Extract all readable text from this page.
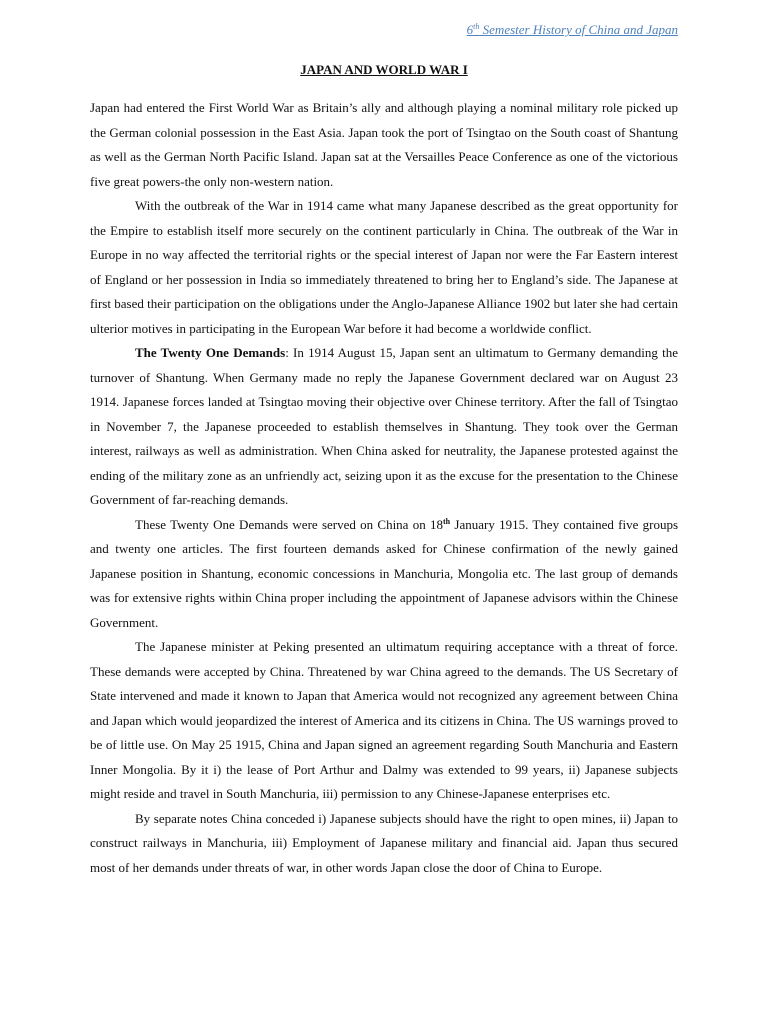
6th Semester History of China and Japan
JAPAN AND WORLD WAR I

Japan had entered the First World War as Britain’s ally and although playing a nominal military role picked up the German colonial possession in the East Asia. Japan took the port of Tsingtao on the South coast of Shantung as well as the German North Pacific Island. Japan sat at the Versailles Peace Conference as one of the victorious five great powers-the only non-western nation.

With the outbreak of the War in 1914 came what many Japanese described as the great opportunity for the Empire to establish itself more securely on the continent particularly in China. The outbreak of the War in Europe in no way affected the territorial rights or the special interest of Japan nor were the Far Eastern interest of England or her possession in India so immediately threatened to bring her to England’s side. The Japanese at first based their participation on the obligations under the Anglo-Japanese Alliance 1902 but later she had certain ulterior motives in participating in the European War before it had become a worldwide conflict.

The Twenty One Demands: In 1914 August 15, Japan sent an ultimatum to Germany demanding the turnover of Shantung. When Germany made no reply the Japanese Government declared war on August 23 1914. Japanese forces landed at Tsingtao moving their objective over Chinese territory. After the fall of Tsingtao in November 7, the Japanese proceeded to establish themselves in Shantung. They took over the German interest, railways as well as administration. When China asked for neutrality, the Japanese protested against the ending of the military zone as an unfriendly act, seizing upon it as the excuse for the presentation to the Chinese Government of far-reaching demands.

These Twenty One Demands were served on China on 18th January 1915. They contained five groups and twenty one articles. The first fourteen demands asked for Chinese confirmation of the newly gained Japanese position in Shantung, economic concessions in Manchuria, Mongolia etc. The last group of demands was for extensive rights within China proper including the appointment of Japanese advisors within the Chinese Government.

The Japanese minister at Peking presented an ultimatum requiring acceptance with a threat of force. These demands were accepted by China. Threatened by war China agreed to the demands. The US Secretary of State intervened and made it known to Japan that America would not recognized any agreement between China and Japan which would jeopardized the interest of America and its citizens in China. The US warnings proved to be of little use. On May 25 1915, China and Japan signed an agreement regarding South Manchuria and Eastern Inner Mongolia. By it i) the lease of Port Arthur and Dalmy was extended to 99 years, ii) Japanese subjects might reside and travel in South Manchuria, iii) permission to any Chinese-Japanese enterprises etc.

By separate notes China conceded i) Japanese subjects should have the right to open mines, ii) Japan to construct railways in Manchuria, iii) Employment of Japanese military and financial aid. Japan thus secured most of her demands under threats of war, in other words Japan close the door of China to Europe.
